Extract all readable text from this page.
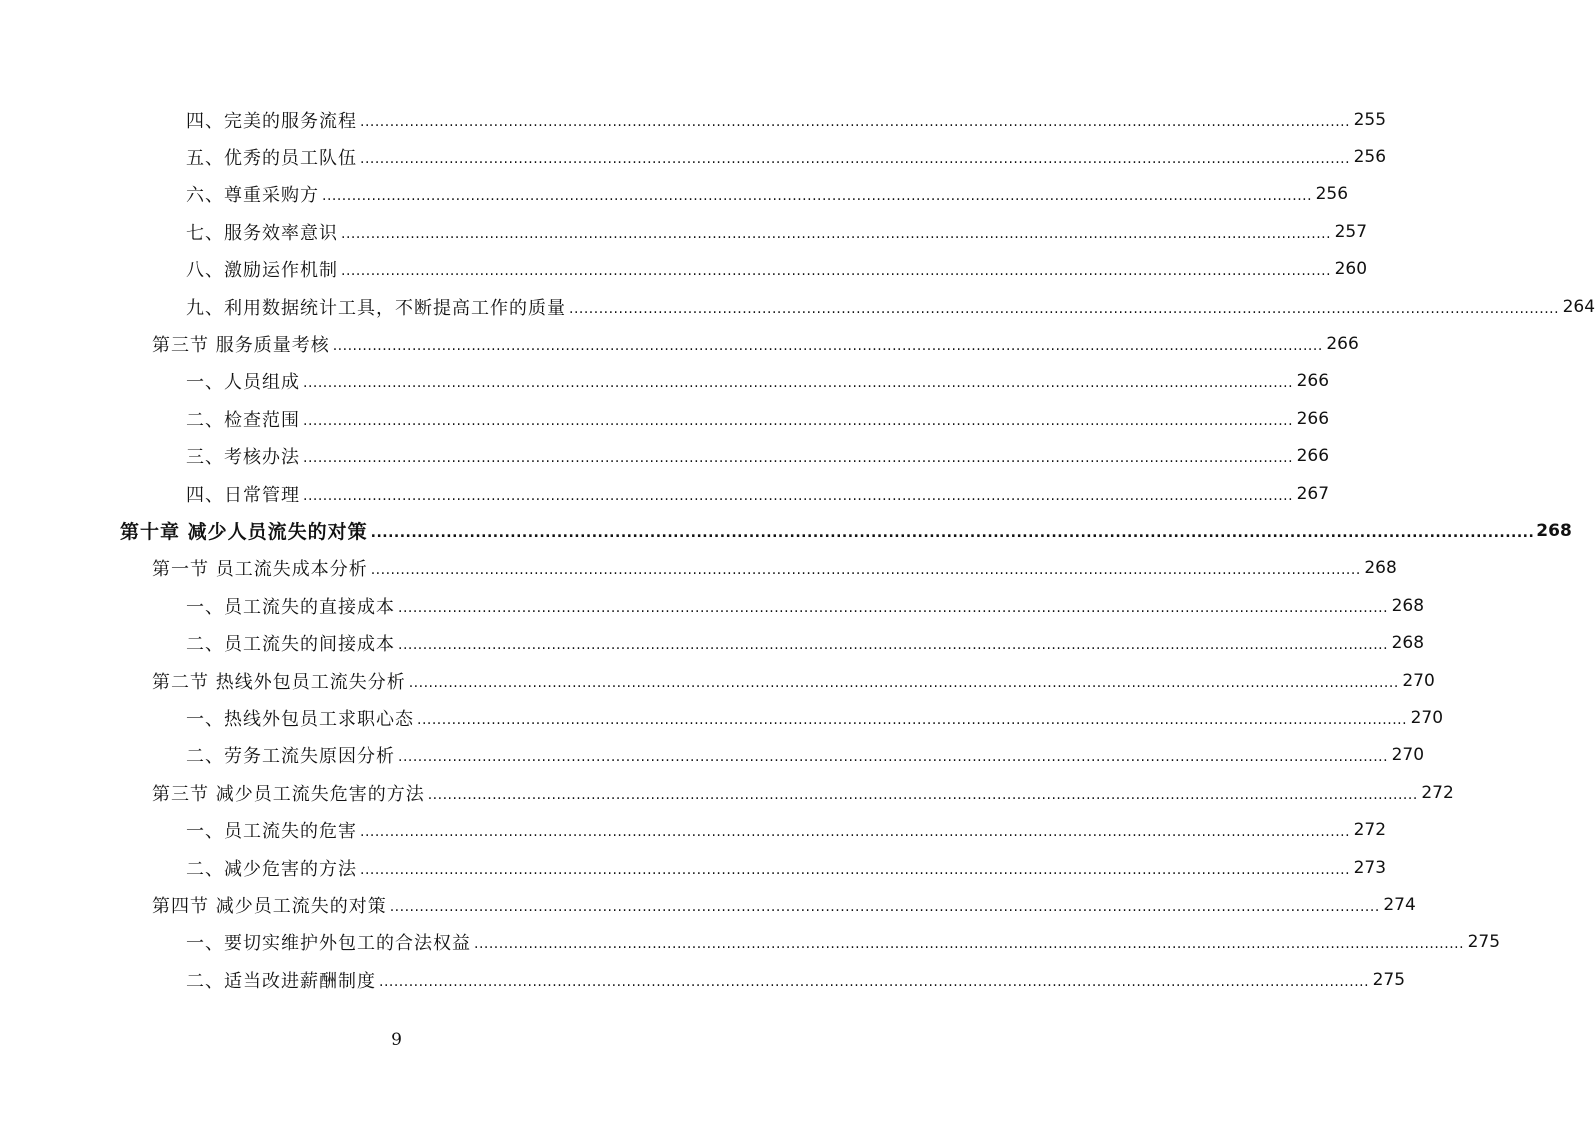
四、完美的服务流程 ........................................................................................................................................................................................................ 255
五、优秀的员工队伍 ........................................................................................................................................................................................................ 256
六、尊重采购方 ........................................................................................................................................................................................................ 256
七、服务效率意识 ........................................................................................................................................................................................................ 257
八、激励运作机制 ........................................................................................................................................................................................................ 260
九、利用数据统计工具，不断提高工作的质量 ........................................................................................................................................................................................................ 264
第三节 服务质量考核 ........................................................................................................................................................................................................ 266
一、人员组成 ........................................................................................................................................................................................................ 266
二、检查范围 ........................................................................................................................................................................................................ 266
三、考核办法 ........................................................................................................................................................................................................ 266
四、日常管理 ........................................................................................................................................................................................................ 267
第十章 减少人员流失的对策 ........................................................................................................................................................................................................ 268
第一节 员工流失成本分析 ........................................................................................................................................................................................................ 268
一、员工流失的直接成本 ........................................................................................................................................................................................................ 268
二、员工流失的间接成本 ........................................................................................................................................................................................................ 268
第二节 热线外包员工流失分析 ........................................................................................................................................................................................................ 270
一、热线外包员工求职心态 ........................................................................................................................................................................................................ 270
二、劳务工流失原因分析 ........................................................................................................................................................................................................ 270
第三节 减少员工流失危害的方法 ........................................................................................................................................................................................................ 272
一、员工流失的危害 ........................................................................................................................................................................................................ 272
二、减少危害的方法 ........................................................................................................................................................................................................ 273
第四节 减少员工流失的对策 ........................................................................................................................................................................................................ 274
一、要切实维护外包工的合法权益 ........................................................................................................................................................................................................ 275
二、适当改进薪酬制度 ........................................................................................................................................................................................................ 275
9
